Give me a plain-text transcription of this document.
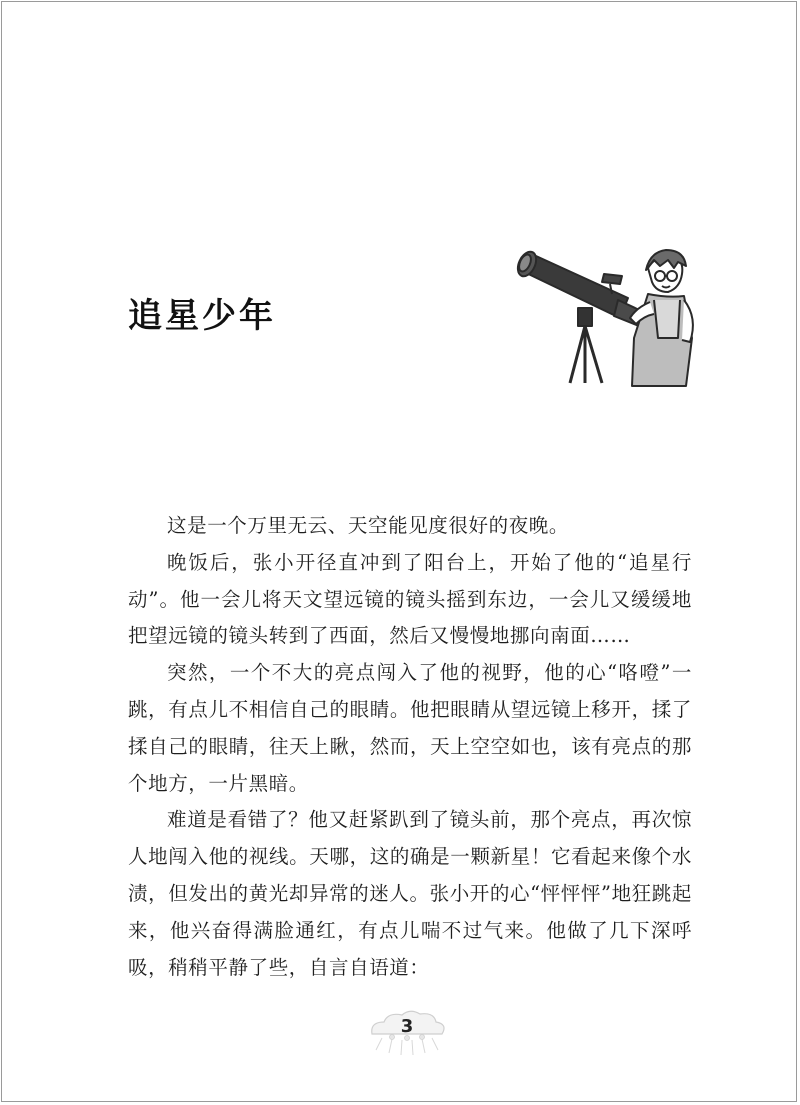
追星少年

这是一个万里无云、天空能见度很好的夜晚。

晚饭后，张小开径直冲到了阳台上，开始了他的“追星行动”。他一会儿将天文望远镜的镜头摇到东边，一会儿又缓缓地把望远镜的镜头转到了西面，然后又慢慢地挪向南面……

突然，一个不大的亮点闯入了他的视野，他的心“咯噔”一跳，有点儿不相信自己的眼睛。他把眼睛从望远镜上移开，揉了揉自己的眼睛，往天上瞅，然而，天上空空如也，该有亮点的那个地方，一片黑暗。

难道是看错了？他又赶紧趴到了镜头前，那个亮点，再次惊人地闯入他的视线。天哪，这的确是一颗新星！它看起来像个水渍，但发出的黄光却异常的迷人。张小开的心“怦怦怦”地狂跳起来，他兴奋得满脸通红，有点儿喘不过气来。他做了几下深呼吸，稍稍平静了些，自言自语道：

3
